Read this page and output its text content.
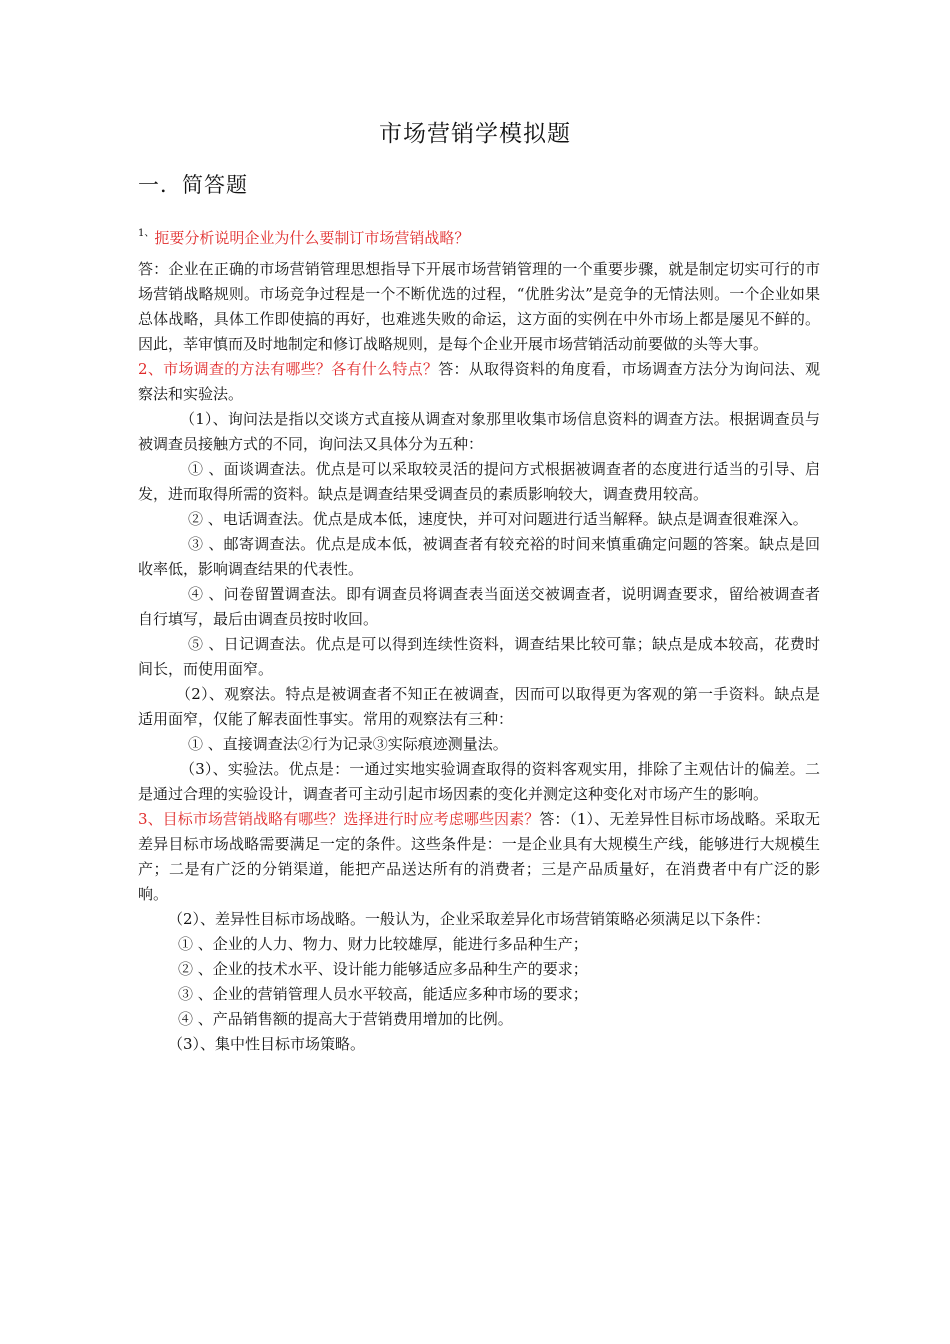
市场营销学模拟题
一．简答题
$^{1、}$扼要分析说明企业为什么要制订市场营销战略？

答：企业在正确的市场营销管理思想指导下开展市场营销管理的一个重要步骤，就是制定切实可行的市场营销战略规则。市场竞争过程是一个不断优选的过程，“优胜劣汰”是竞争的无情法则。一个企业如果总体战略，具体工作即使搞的再好，也难逃失败的命运，这方面的实例在中外市场上都是屡见不鲜的。因此，莘审慎而及时地制定和修订战略规则，是每个企业开展市场营销活动前要做的头等大事。

2、市场调查的方法有哪些？各有什么特点？答：从取得资料的角度看，市场调查方法分为询问法、观察法和实验法。

（1）、询问法是指以交谈方式直接从调查对象那里收集市场信息资料的调查方法。根据调查员与被调查员接触方式的不同，询问法又具体分为五种：

① 、面谈调查法。优点是可以采取较灵活的提问方式根据被调查者的态度进行适当的引导、启发，进而取得所需的资料。缺点是调查结果受调查员的素质影响较大，调查费用较高。

② 、电话调查法。优点是成本低，速度快，并可对问题进行适当解释。缺点是调查很难深入。

③ 、邮寄调查法。优点是成本低，被调查者有较充裕的时间来慎重确定问题的答案。缺点是回收率低，影响调查结果的代表性。

④ 、问卷留置调查法。即有调查员将调查表当面送交被调查者，说明调查要求，留给被调查者自行填写，最后由调查员按时收回。

⑤ 、日记调查法。优点是可以得到连续性资料，调查结果比较可靠；缺点是成本较高，花费时间长，而使用面窄。

（2）、观察法。特点是被调查者不知正在被调查，因而可以取得更为客观的第一手资料。缺点是适用面窄，仅能了解表面性事实。常用的观察法有三种：

① 、直接调查法②行为记录③实际痕迹测量法。

（3）、实验法。优点是：一通过实地实验调查取得的资料客观实用，排除了主观估计的偏差。二是通过合理的实验设计，调查者可主动引起市场因素的变化并测定这种变化对市场产生的影响。

3、目标市场营销战略有哪些？选择进行时应考虑哪些因素？答：（1）、无差异性目标市场战略。采取无差异目标市场战略需要满足一定的条件。这些条件是：一是企业具有大规模生产线，能够进行大规模生产；二是有广泛的分销渠道，能把产品送达所有的消费者；三是产品质量好，在消费者中有广泛的影响。

（2）、差异性目标市场战略。一般认为，企业采取差异化市场营销策略必须满足以下条件：

① 、企业的人力、物力、财力比较雄厚，能进行多品种生产；

② 、企业的技术水平、设计能力能够适应多品种生产的要求；

③ 、企业的营销管理人员水平较高，能适应多种市场的要求；

④ 、产品销售额的提高大于营销费用增加的比例。

（3）、集中性目标市场策略。
